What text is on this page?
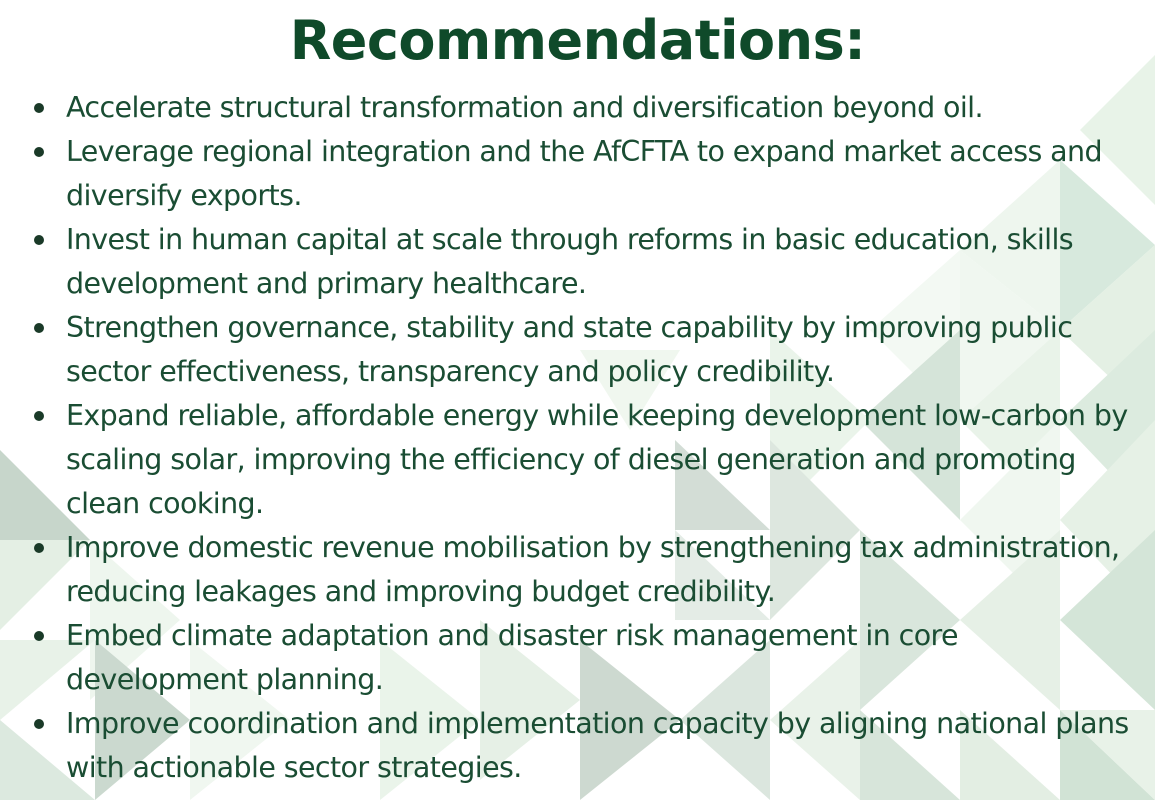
Recommendations:
Accelerate structural transformation and diversification beyond oil.
Leverage regional integration and the AfCFTA to expand market access and diversify exports.
Invest in human capital at scale through reforms in basic education, skills development and primary healthcare.
Strengthen governance, stability and state capability by improving public sector effectiveness, transparency and policy credibility.
Expand reliable, affordable energy while keeping development low-carbon by scaling solar, improving the efficiency of diesel generation and promoting clean cooking.
Improve domestic revenue mobilisation by strengthening tax administration, reducing leakages and improving budget credibility.
Embed climate adaptation and disaster risk management in core development planning.
Improve coordination and implementation capacity by aligning national plans with actionable sector strategies.
